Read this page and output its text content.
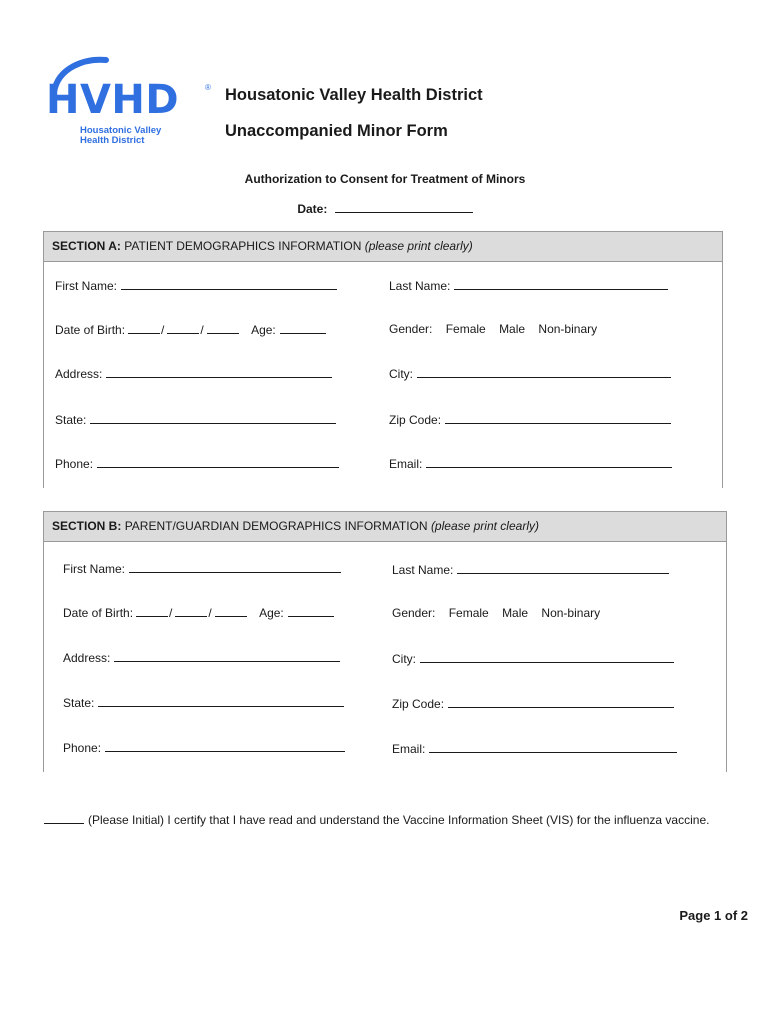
HVHD	®
Housatonic Valley
Health District
Housatonic Valley Health District
Unaccompanied Minor Form
Authorization to Consent for Treatment of Minors
Date:
SECTION A: PATIENT DEMOGRAPHICS INFORMATION (please print clearly)
First Name:	Last Name:
Date of Birth:	/	/	Age:	Gender: Female Male Non-binary
Address:	City:
State:	Zip Code:
Phone:	Email:
SECTION B: PARENT/GUARDIAN DEMOGRAPHICS INFORMATION (please print clearly)
First Name:	Last Name:
Date of Birth:	/	/	Age:	Gender: Female Male Non-binary
Address:	City:
State:	Zip Code:
Phone:	Email:
(Please Initial) I certify that I have read and understand the Vaccine Information Sheet (VIS) for the influenza vaccine.
Page 1 of 2
